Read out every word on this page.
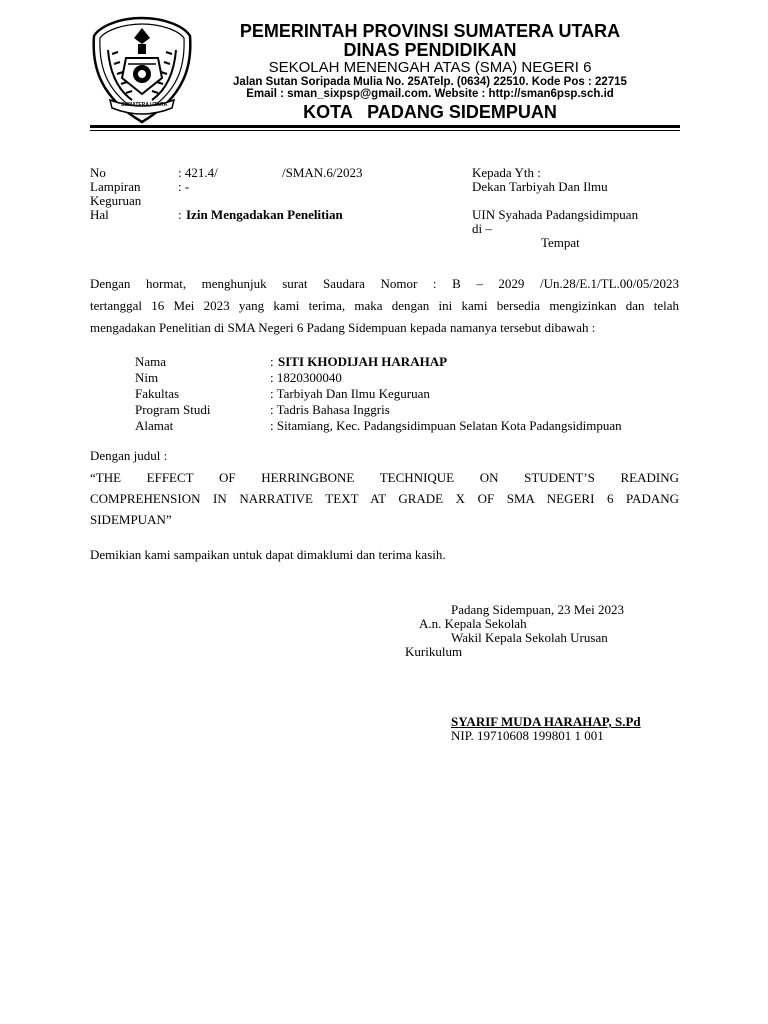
SUMATERA UTARA
PEMERINTAH PROVINSI SUMATERA UTARA
DINAS PENDIDIKAN
SEKOLAH MENENGAH ATAS (SMA) NEGERI 6
Jalan Sutan Soripada Mulia No. 25ATelp. (0634) 22510. Kode Pos : 22715
Email : sman_sixpsp@gmail.com. Website : http://sman6psp.sch.id
KOTA   PADANG SIDEMPUAN
No	: 421.4/	/SMAN.6/2023
Lampiran	: -
Keguruan
Hal	: Izin Mengadakan Penelitian
Kepada Yth :
Dekan Tarbiyah Dan Ilmu
UIN Syahada Padangsidimpuan
di –
Tempat
Dengan hormat, menghunjuk surat Saudara Nomor : B – 2029 /Un.28/E.1/TL.00/05/2023
tertanggal 16 Mei 2023 yang kami terima, maka dengan ini kami bersedia mengizinkan dan telah
mengadakan Penelitian di SMA Negeri 6 Padang Sidempuan kepada namanya tersebut dibawah :
Nama	: SITI KHODIJAH HARAHAP
Nim	: 1820300040
Fakultas	: Tarbiyah Dan Ilmu Keguruan
Program Studi	: Tadris Bahasa Inggris
Alamat	: Sitamiang, Kec. Padangsidimpuan Selatan Kota Padangsidimpuan
Dengan judul :
“THE EFFECT OF HERRINGBONE TECHNIQUE ON STUDENT’S READING
COMPREHENSION IN NARRATIVE TEXT AT GRADE X OF SMA NEGERI 6 PADANG
SIDEMPUAN”
Demikian kami sampaikan untuk dapat dimaklumi dan terima kasih.
Padang Sidempuan, 23 Mei 2023
A.n. Kepala Sekolah
Wakil Kepala Sekolah Urusan
Kurikulum
SYARIF MUDA HARAHAP, S.Pd
NIP. 19710608 199801 1 001
